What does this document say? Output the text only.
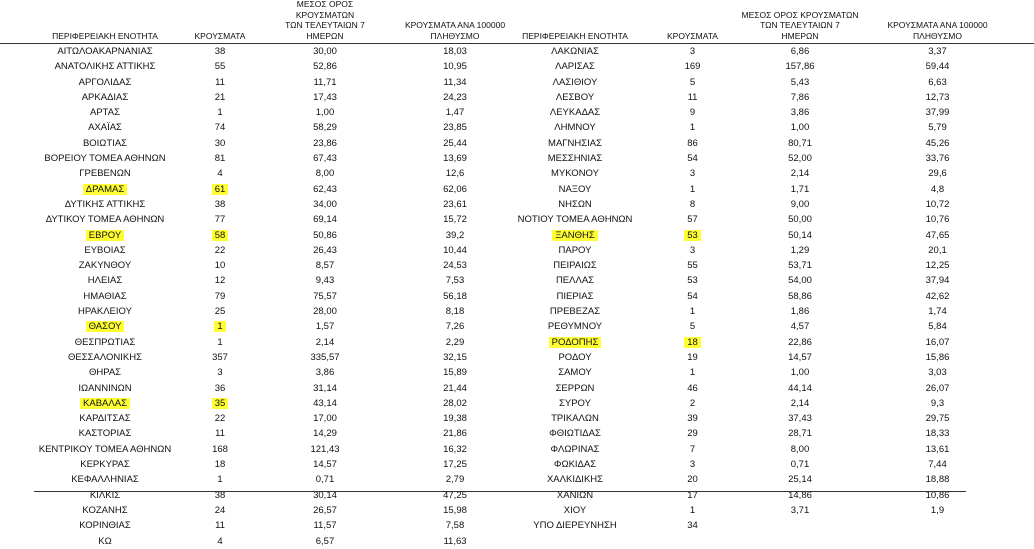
ΠΕΡΙΦΕΡΕΙΑΚΗ ΕΝΟΤΗΤΑ	ΚΡΟΥΣΜΑΤΑ
ΜΕΣΟΣ ΟΡΟΣ ΚΡΟΥΣΜΑΤΩΝ
ΤΩΝ ΤΕΛΕΥΤΑΙΩΝ 7
ΗΜΕΡΩΝ
ΚΡΟΥΣΜΑΤΑ ΑΝΑ 100000
ΠΛΗΘΥΣΜΟ
ΑΙΤΩΛΟΑΚΑΡΝΑΝΙΑΣ	38	30,00	18,03
ΑΝΑΤΟΛΙΚΗΣ ΑΤΤΙΚΗΣ	55	52,86	10,95
ΑΡΓΟΛΙΔΑΣ	11	11,71	11,34
ΑΡΚΑΔΙΑΣ	21	17,43	24,23
ΑΡΤΑΣ	1	1,00	1,47
ΑΧΑΪΑΣ	74	58,29	23,85
ΒΟΙΩΤΙΑΣ	30	23,86	25,44
ΒΟΡΕΙΟΥ ΤΟΜΕΑ ΑΘΗΝΩΝ	81	67,43	13,69
ΓΡΕΒΕΝΩΝ	4	8,00	12,6
ΔΡΑΜΑΣ	61	62,43	62,06
ΔΥΤΙΚΗΣ ΑΤΤΙΚΗΣ	38	34,00	23,61
ΔΥΤΙΚΟΥ ΤΟΜΕΑ ΑΘΗΝΩΝ	77	69,14	15,72
ΕΒΡΟΥ	58	50,86	39,2
ΕΥΒΟΙΑΣ	22	26,43	10,44
ΖΑΚΥΝΘΟΥ	10	8,57	24,53
ΗΛΕΙΑΣ	12	9,43	7,53
ΗΜΑΘΙΑΣ	79	75,57	56,18
ΗΡΑΚΛΕΙΟΥ	25	28,00	8,18
ΘΑΣΟΥ	1	1,57	7,26
ΘΕΣΠΡΩΤΙΑΣ	1	2,14	2,29
ΘΕΣΣΑΛΟΝΙΚΗΣ	357	335,57	32,15
ΘΗΡΑΣ	3	3,86	15,89
ΙΩΑΝΝΙΝΩΝ	36	31,14	21,44
ΚΑΒΑΛΑΣ	35	43,14	28,02
ΚΑΡΔΙΤΣΑΣ	22	17,00	19,38
ΚΑΣΤΟΡΙΑΣ	11	14,29	21,86
ΚΕΝΤΡΙΚΟΥ ΤΟΜΕΑ ΑΘΗΝΩΝ	168	121,43	16,32
ΚΕΡΚΥΡΑΣ	18	14,57	17,25
ΚΕΦΑΛΛΗΝΙΑΣ	1	0,71	2,79
ΚΙΛΚΙΣ	38	30,14	47,25
ΚΟΖΑΝΗΣ	24	26,57	15,98
ΚΟΡΙΝΘΙΑΣ	11	11,57	7,58
ΚΩ	4	6,57	11,63
ΠΕΡΙΦΕΡΕΙΑΚΗ ΕΝΟΤΗΤΑ	ΚΡΟΥΣΜΑΤΑ
ΜΕΣΟΣ ΟΡΟΣ ΚΡΟΥΣΜΑΤΩΝ
ΤΩΝ ΤΕΛΕΥΤΑΙΩΝ 7
ΗΜΕΡΩΝ
ΚΡΟΥΣΜΑΤΑ ΑΝΑ 100000
ΠΛΗΘΥΣΜΟ
ΛΑΚΩΝΙΑΣ	3	6,86	3,37
ΛΑΡΙΣΑΣ	169	157,86	59,44
ΛΑΣΙΘΙΟΥ	5	5,43	6,63
ΛΕΣΒΟΥ	11	7,86	12,73
ΛΕΥΚΑΔΑΣ	9	3,86	37,99
ΛΗΜΝΟΥ	1	1,00	5,79
ΜΑΓΝΗΣΙΑΣ	86	80,71	45,26
ΜΕΣΣΗΝΙΑΣ	54	52,00	33,76
ΜΥΚΟΝΟΥ	3	2,14	29,6
ΝΑΞΟΥ	1	1,71	4,8
ΝΗΣΩΝ	8	9,00	10,72
ΝΟΤΙΟΥ ΤΟΜΕΑ ΑΘΗΝΩΝ	57	50,00	10,76
ΞΑΝΘΗΣ	53	50,14	47,65
ΠΑΡΟΥ	3	1,29	20,1
ΠΕΙΡΑΙΩΣ	55	53,71	12,25
ΠΕΛΛΑΣ	53	54,00	37,94
ΠΙΕΡΙΑΣ	54	58,86	42,62
ΠΡΕΒΕΖΑΣ	1	1,86	1,74
ΡΕΘΥΜΝΟΥ	5	4,57	5,84
ΡΟΔΟΠΗΣ	18	22,86	16,07
ΡΟΔΟΥ	19	14,57	15,86
ΣΑΜΟΥ	1	1,00	3,03
ΣΕΡΡΩΝ	46	44,14	26,07
ΣΥΡΟΥ	2	2,14	9,3
ΤΡΙΚΑΛΩΝ	39	37,43	29,75
ΦΘΙΩΤΙΔΑΣ	29	28,71	18,33
ΦΛΩΡΙΝΑΣ	7	8,00	13,61
ΦΩΚΙΔΑΣ	3	0,71	7,44
ΧΑΛΚΙΔΙΚΗΣ	20	25,14	18,88
ΧΑΝΙΩΝ	17	14,86	10,86
ΧΙΟΥ	1	3,71	1,9
ΥΠΟ ΔΙΕΡΕΥΝΗΣΗ	34
